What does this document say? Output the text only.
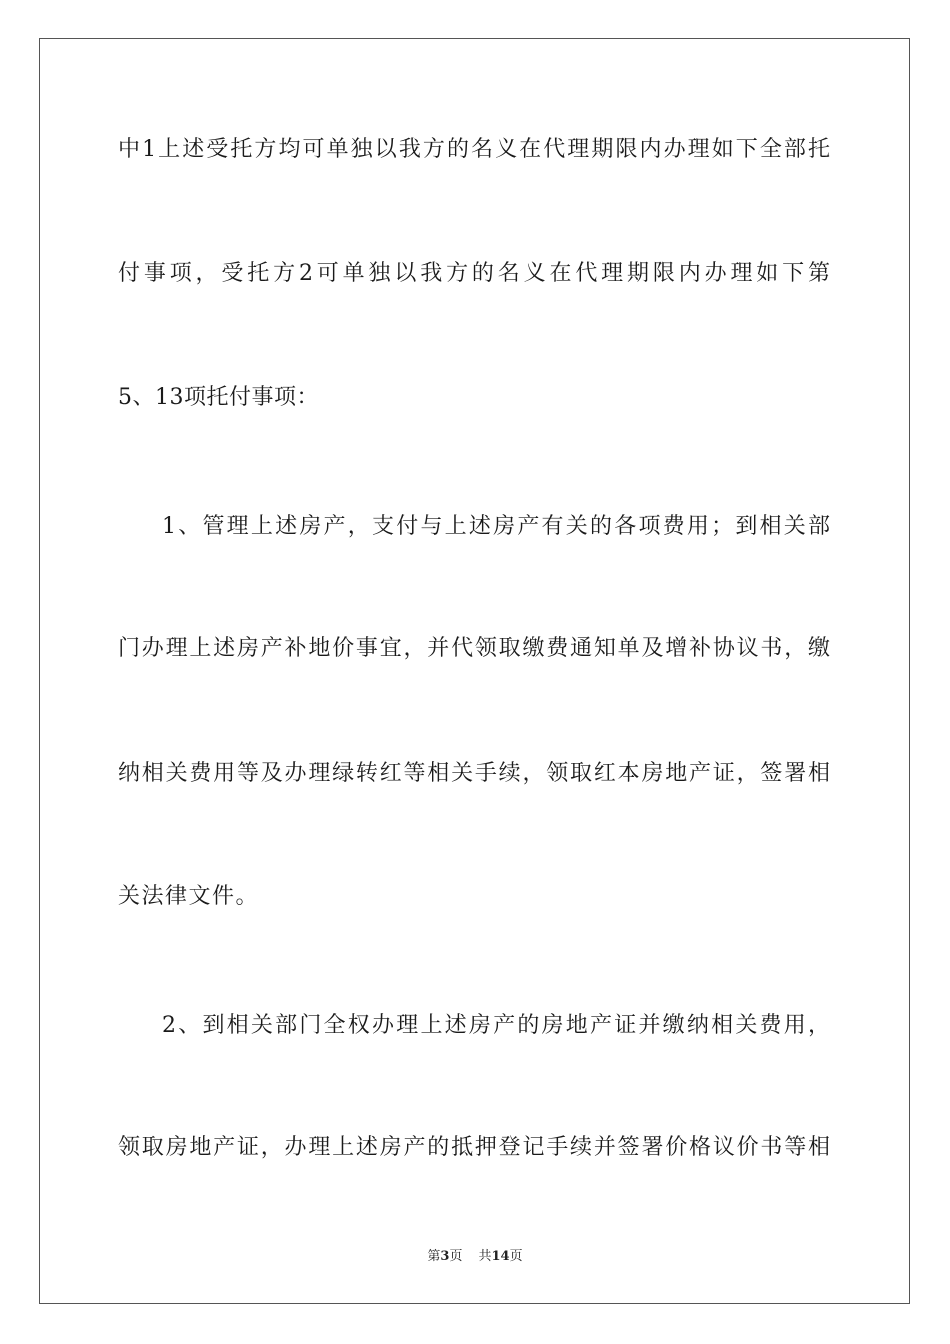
中1上述受托方均可单独以我方的名义在代理期限内办理如下全部托
付事项，受托方2可单独以我方的名义在代理期限内办理如下第
5、13项托付事项：
1、管理上述房产，支付与上述房产有关的各项费用；到相关部
门办理上述房产补地价事宜，并代领取缴费通知单及增补协议书，缴
纳相关费用等及办理绿转红等相关手续，领取红本房地产证，签署相
关法律文件。
2、到相关部门全权办理上述房产的房地产证并缴纳相关费用，
领取房地产证，办理上述房产的抵押登记手续并签署价格议价书等相
第3页 共14页
